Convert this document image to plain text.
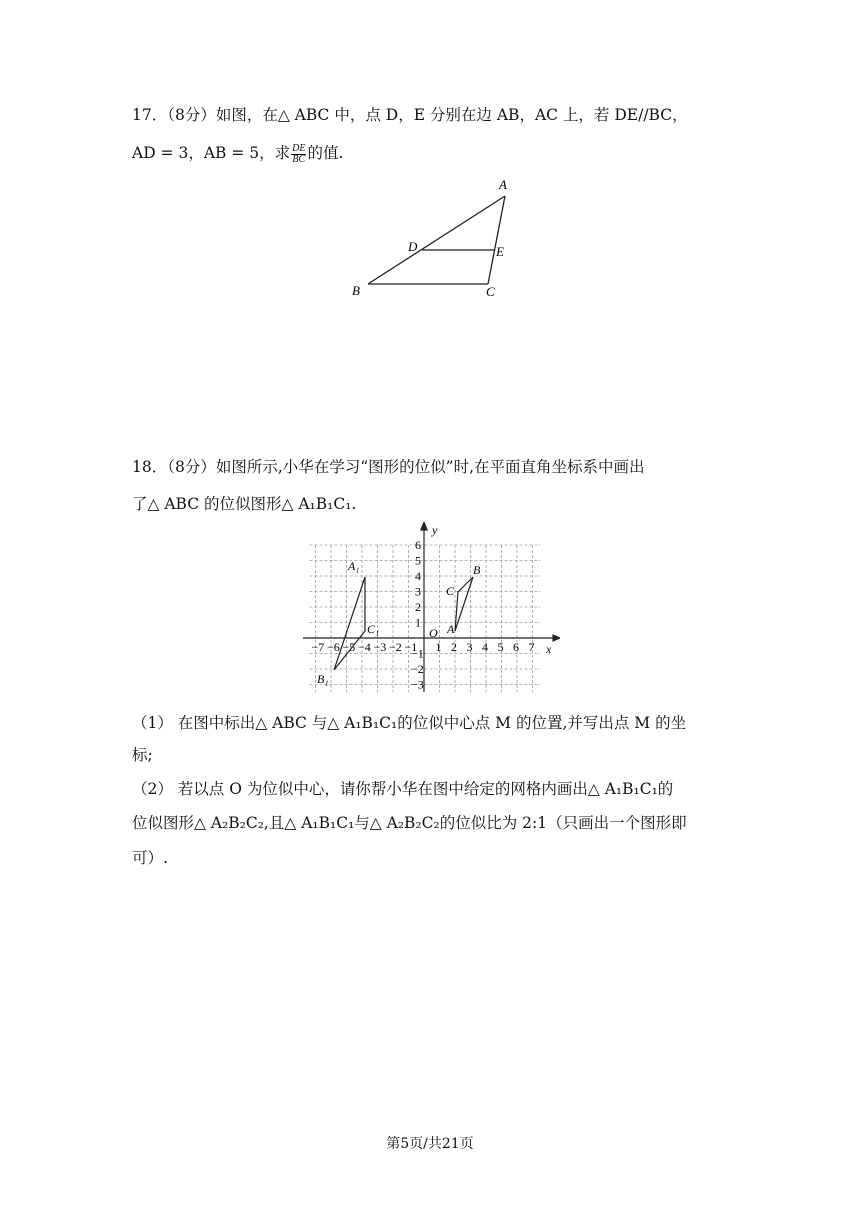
17．（8分）如图，在△ ABC 中，点 D，E 分别在边 AB，AC 上，若 DE//BC，
AD = 3，AB = 5，求 $\frac{DE}{BC}$ 的值.
A
B	C
D	E
18．（8分）如图所示,小华在学习“图形的位似”时,在平面直角坐标系中画出
了△ ABC 的位似图形△ A₁B₁C₁.
−7 −6 −5 −4 −3 −2 −1 1 2 3 4 5 6 7
6
5
4
3
2
1
−1
−2
−3
y
x
O
A₁
B₁
C₁	A
B
C
（1） 在图中标出△ ABC 与△ A₁B₁C₁的位似中心点 M 的位置,并写出点 M 的坐
标;
（2） 若以点 O 为位似中心，请你帮小华在图中给定的网格内画出△ A₁B₁C₁的
位似图形△ A₂B₂C₂,且△ A₁B₁C₁与△ A₂B₂C₂的位似比为 2:1（只画出一个图形即
可）.
第5页/共21页
